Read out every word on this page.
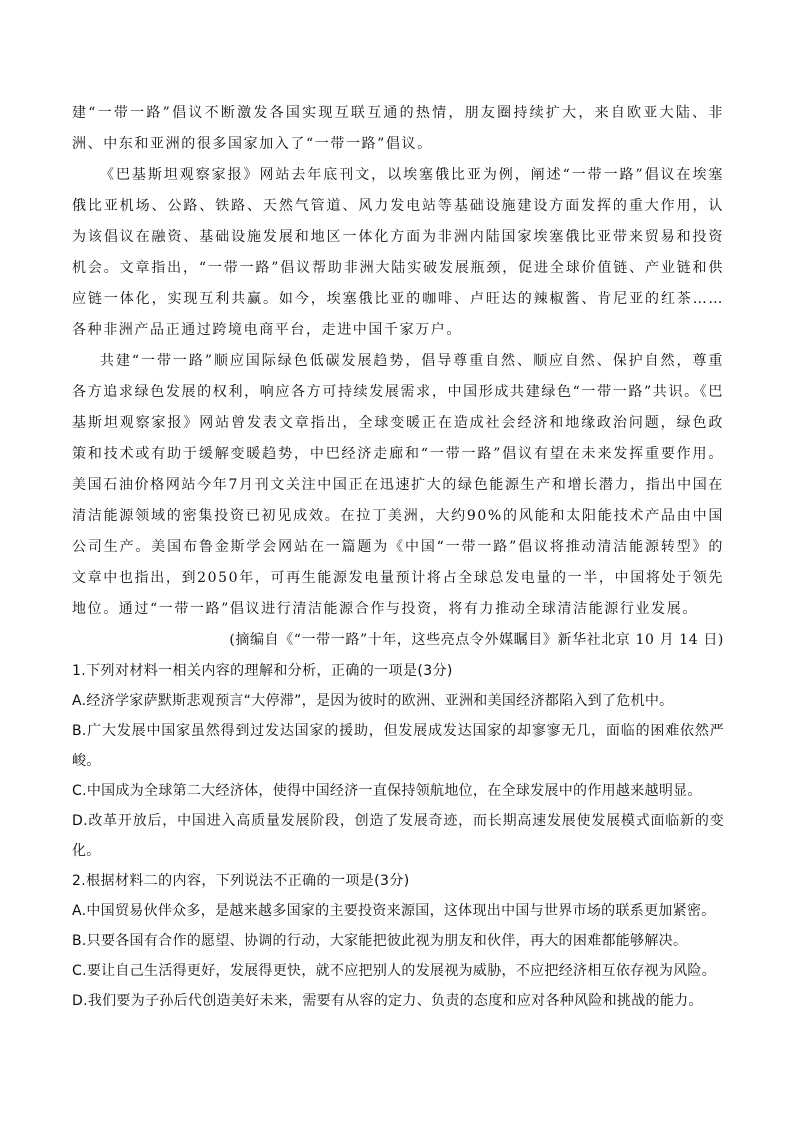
建“一带一路”倡议不断激发各国实现互联互通的热情，朋友圈持续扩大，来自欧亚大陆、非洲、中东和亚洲的很多国家加入了“一带一路”倡议。

《巴基斯坦观察家报》网站去年底刊文，以埃塞俄比亚为例，阐述“一带一路”倡议在埃塞俄比亚机场、公路、铁路、天然气管道、风力发电站等基础设施建设方面发挥的重大作用，认为该倡议在融资、基础设施发展和地区一体化方面为非洲内陆国家埃塞俄比亚带来贸易和投资机会。文章指出，“一带一路”倡议帮助非洲大陆实破发展瓶颈，促进全球价值链、产业链和供应链一体化，实现互利共赢。如今，埃塞俄比亚的咖啡、卢旺达的辣椒酱、肯尼亚的红茶……各种非洲产品正通过跨境电商平台，走进中国千家万户。

共建“一带一路”顺应国际绿色低碳发展趋势，倡导尊重自然、顺应自然、保护自然，尊重各方追求绿色发展的权利，响应各方可持续发展需求，中国形成共建绿色“一带一路”共识。《巴基斯坦观察家报》网站曾发表文章指出，全球变暖正在造成社会经济和地缘政治问题，绿色政策和技术或有助于缓解变暖趋势，中巴经济走廊和“一带一路”倡议有望在未来发挥重要作用。美国石油价格网站今年7月刊文关注中国正在迅速扩大的绿色能源生产和增长潜力，指出中国在清洁能源领域的密集投资已初见成效。在拉丁美洲，大约90%的风能和太阳能技术产品由中国公司生产。美国布鲁金斯学会网站在一篇题为《中国“一带一路”倡议将推动清洁能源转型》的文章中也指出，到2050年，可再生能源发电量预计将占全球总发电量的一半，中国将处于领先地位。通过“一带一路”倡议进行清洁能源合作与投资，将有力推动全球清洁能源行业发展。

(摘编自《“一带一路”十年，这些亮点令外媒瞩目》新华社北京 10 月 14 日)

1.下列对材料一相关内容的理解和分析，正确的一项是(3分)

A.经济学家萨默斯悲观预言“大停滞”，是因为彼时的欧洲、亚洲和美国经济都陷入到了危机中。

B.广大发展中国家虽然得到过发达国家的援助，但发展成发达国家的却寥寥无几，面临的困难依然严峻。

C.中国成为全球第二大经济体，使得中国经济一直保持领航地位，在全球发展中的作用越来越明显。

D.改革开放后，中国进入高质量发展阶段，创造了发展奇迹，而长期高速发展使发展模式面临新的变化。

2.根据材料二的内容，下列说法不正确的一项是(3分)

A.中国贸易伙伴众多，是越来越多国家的主要投资来源国，这体现出中国与世界市场的联系更加紧密。

B.只要各国有合作的愿望、协调的行动，大家能把彼此视为朋友和伙伴，再大的困难都能够解决。

C.要让自己生活得更好，发展得更快，就不应把别人的发展视为威胁，不应把经济相互依存视为风险。

D.我们要为子孙后代创造美好未来，需要有从容的定力、负责的态度和应对各种风险和挑战的能力。
